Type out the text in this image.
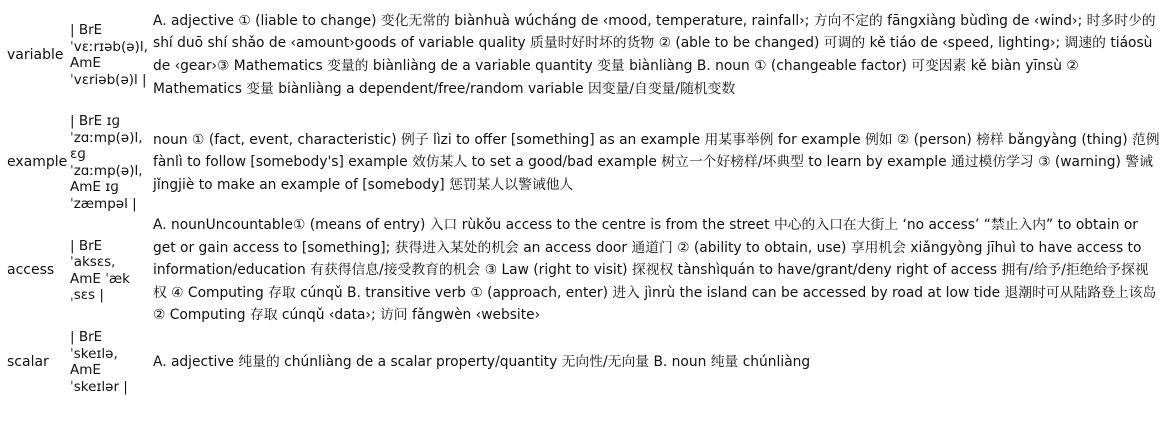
variable
| BrE ˈvɛːrɪəb(ə)l, AmE ˈvɛriəb(ə)l |
A. adjective ① (liable to change) 变化无常的 biànhuà wúcháng de ‹mood, temperature, rainfall›; 方向不定的 fāngxiàng bùdìng de ‹wind›; 时多时少的 shí duō shí shǎo de ‹amount›goods of variable quality 质量时好时坏的货物 ② (able to be changed) 可调的 kě tiáo de ‹speed, lighting›; 调速的 tiáosù de ‹gear›③ Mathematics 变量的 biànliàng de a variable quantity 变量 biànliàng B. noun ① (changeable factor) 可变因素 kě biàn yīnsù ② Mathematics 变量 biànliàng a dependent/free/random variable 因变量/自变量/随机变数
example
| BrE ɪɡˈzɑːmp(ə)l, ɛɡˈzɑːmp(ə)l, AmE ɪɡˈzæmpəl |
noun ① (fact, event, characteristic) 例子 lìzi to offer [something] as an example 用某事举例 for example 例如 ② (person) 榜样 bǎngyàng (thing) 范例 fànlì to follow [somebody's] example 效仿某人 to set a good/bad example 树立一个好榜样/坏典型 to learn by example 通过模仿学习 ③ (warning) 警诫 jǐngjiè to make an example of [somebody] 惩罚某人以警诫他人
access
| BrE ˈaksɛs, AmE ˈækˌsɛs |
A. nounUncountable① (means of entry) 入口 rùkǒu access to the centre is from the street 中心的入口在大街上 ‘no access’ “禁止入内” to obtain or get or gain access to [something]; 获得进入某处的机会 an access door 通道门 ② (ability to obtain, use) 享用机会 xiǎngyòng jīhuì to have access to information/education 有获得信息/接受教育的机会 ③ Law (right to visit) 探视权 tànshìquán to have/grant/deny right of access 拥有/给予/拒绝给予探视权 ④ Computing 存取 cúnqǔ B. transitive verb ① (approach, enter) 进入 jìnrù the island can be accessed by road at low tide 退潮时可从陆路登上该岛 ② Computing 存取 cúnqǔ ‹data›; 访问 fǎngwèn ‹website›
scalar
| BrE ˈskeɪlə, AmE ˈskeɪlər |
A. adjective 纯量的 chúnliàng de a scalar property/quantity 无向性/无向量 B. noun 纯量 chúnliàng
